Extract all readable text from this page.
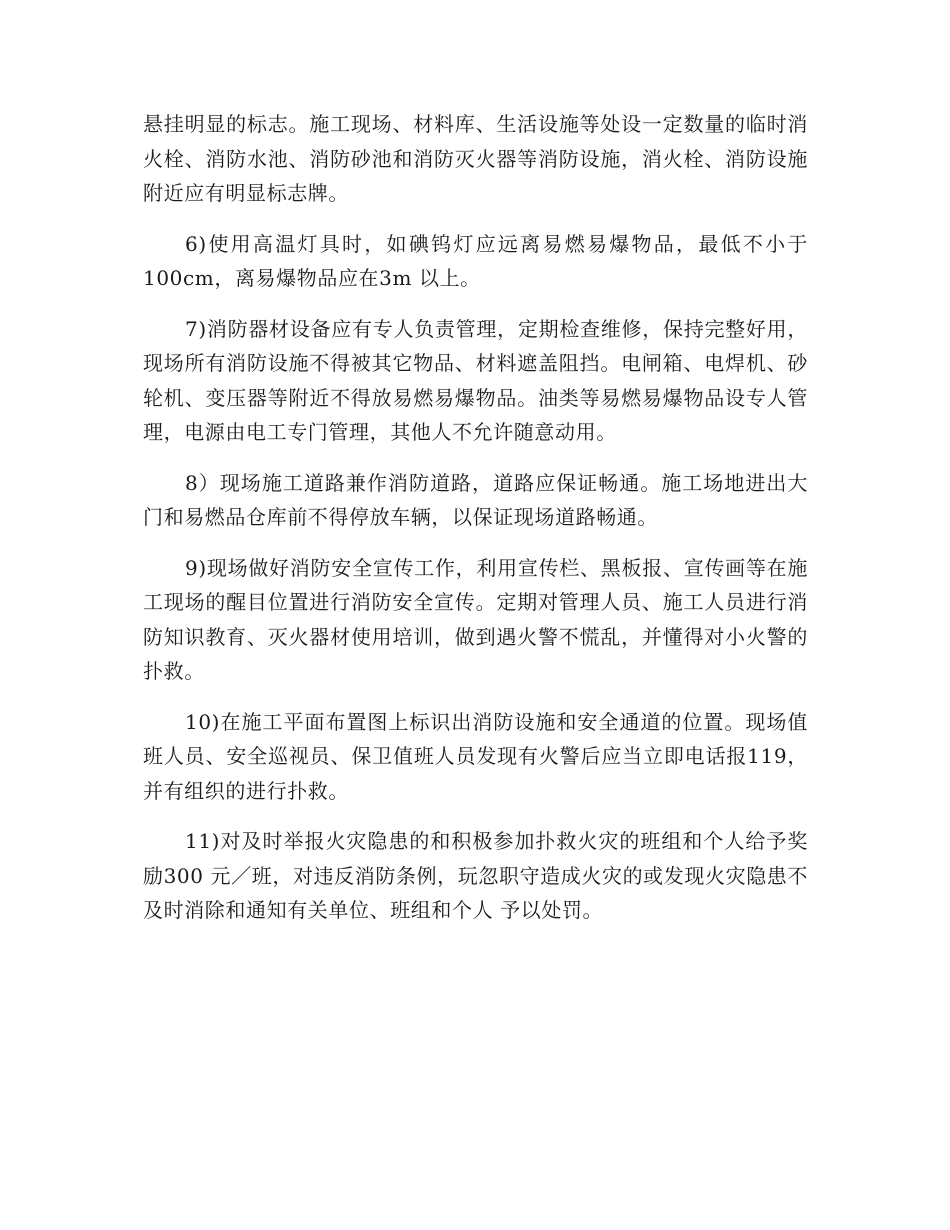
悬挂明显的标志。施工现场、材料库、生活设施等处设一定数量的临时消火栓、消防水池、消防砂池和消防灭火器等消防设施，消火栓、消防设施附近应有明显标志牌。

6)使用高温灯具时，如碘钨灯应远离易燃易爆物品，最低不小于100cm，离易爆物品应在3m 以上。

7)消防器材设备应有专人负责管理，定期检查维修，保持完整好用，现场所有消防设施不得被其它物品、材料遮盖阻挡。电闸箱、电焊机、砂轮机、变压器等附近不得放易燃易爆物品。油类等易燃易爆物品设专人管理，电源由电工专门管理，其他人不允许随意动用。

8）现场施工道路兼作消防道路，道路应保证畅通。施工场地进出大门和易燃品仓库前不得停放车辆，以保证现场道路畅通。

9)现场做好消防安全宣传工作，利用宣传栏、黑板报、宣传画等在施工现场的醒目位置进行消防安全宣传。定期对管理人员、施工人员进行消防知识教育、灭火器材使用培训，做到遇火警不慌乱，并懂得对小火警的扑救。

10)在施工平面布置图上标识出消防设施和安全通道的位置。现场值班人员、安全巡视员、保卫值班人员发现有火警后应当立即电话报119，并有组织的进行扑救。

11)对及时举报火灾隐患的和积极参加扑救火灾的班组和个人给予奖励300 元／班，对违反消防条例，玩忽职守造成火灾的或发现火灾隐患不及时消除和通知有关单位、班组和个人 予以处罚。
